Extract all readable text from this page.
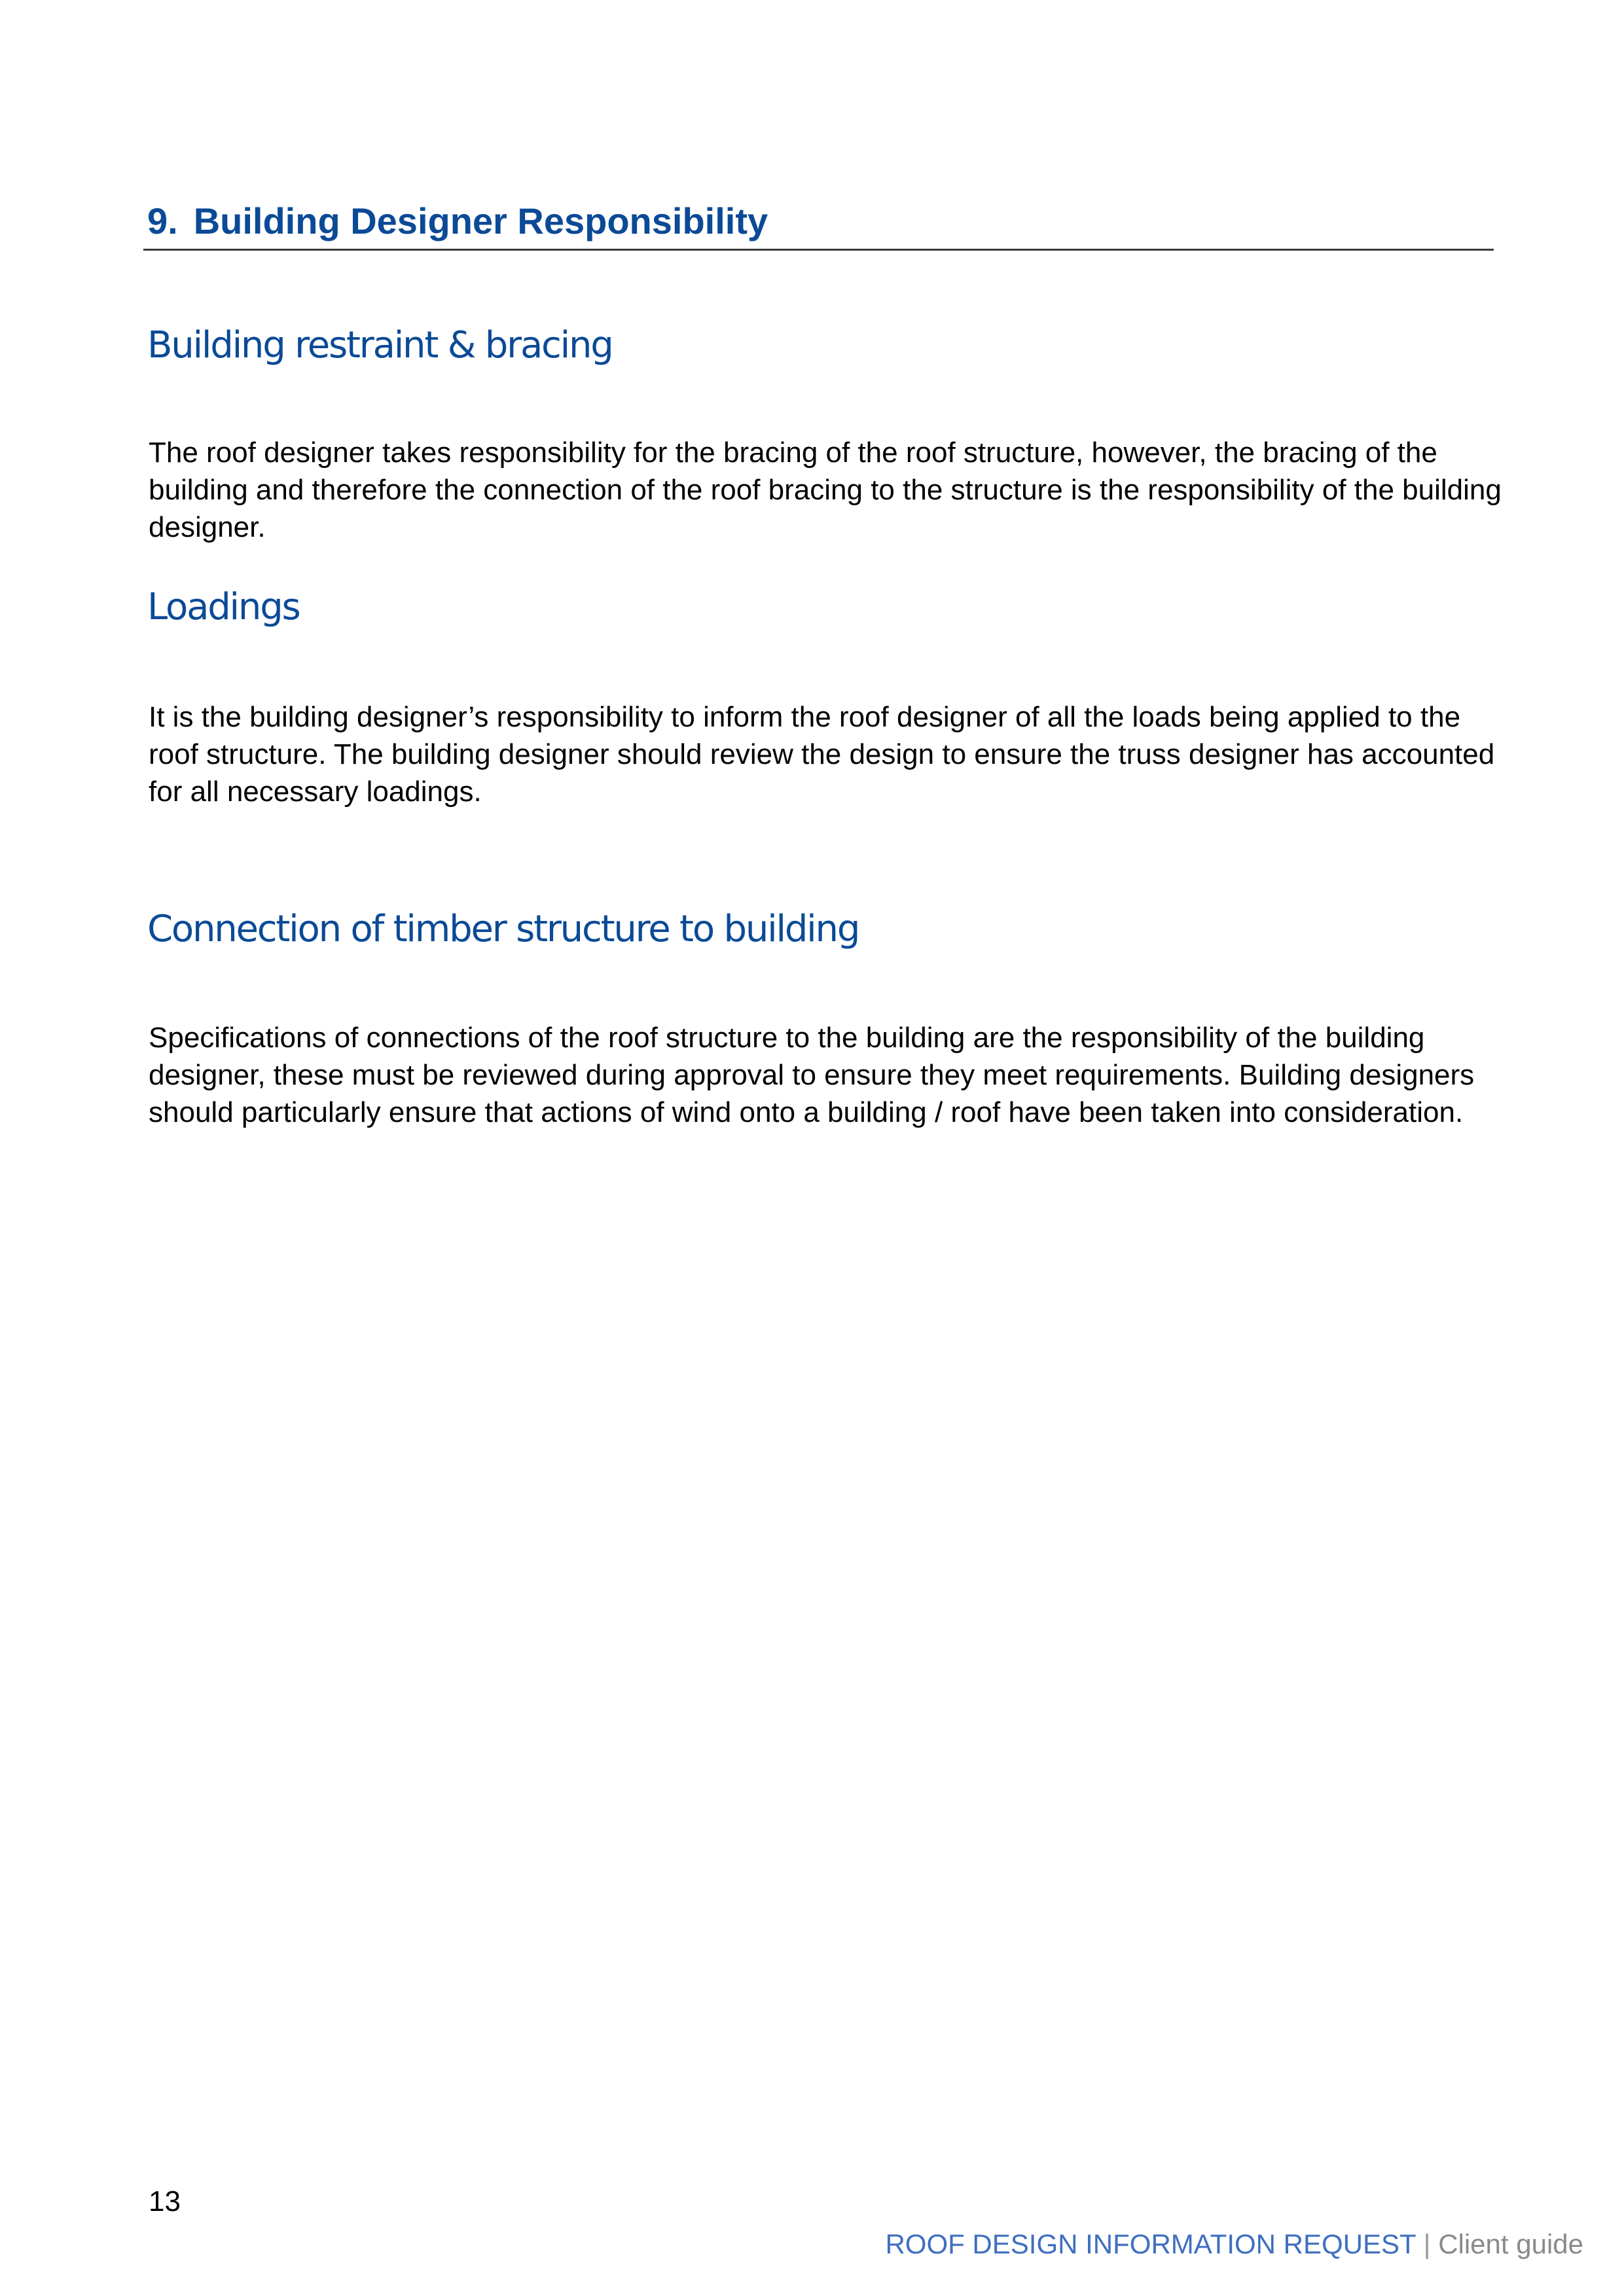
9. Building Designer Responsibility
Building restraint & bracing

The roof designer takes responsibility for the bracing of the roof structure, however, the bracing of the building and therefore the connection of the roof bracing to the structure is the responsibility of the building designer.

Loadings

It is the building designer’s responsibility to inform the roof designer of all the loads being applied to the roof structure. The building designer should review the design to ensure the truss designer has accounted for all necessary loadings.

Connection of timber structure to building

Specifications of connections of the roof structure to the building are the responsibility of the building designer, these must be reviewed during approval to ensure they meet requirements. Building designers should particularly ensure that actions of wind onto a building / roof have been taken into consideration.

13
ROOF DESIGN INFORMATION REQUEST | Client guide
